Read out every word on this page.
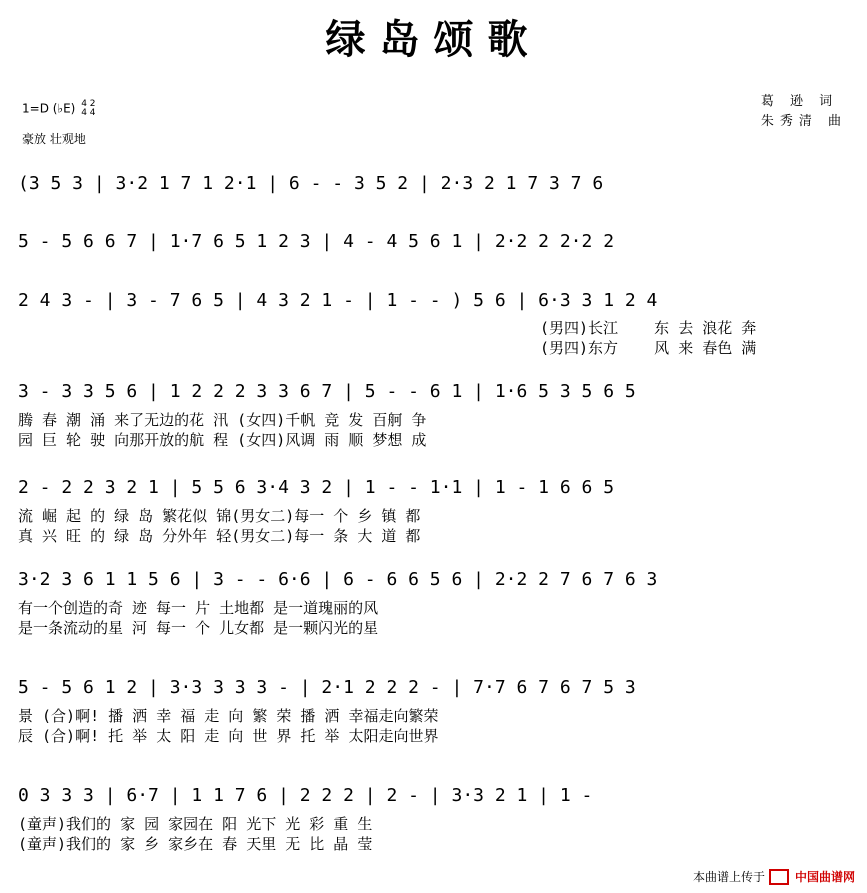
绿岛颂歌
1=D (♭E) 4 2
4 4
豪放 壮观地
葛 逊 词
朱秀清 曲
(3 5 3 | 3·2 1 7 1 2·1 | 6 - - 3 5 2 | 2·3 2 1 7 3 7 6
5 - 5 6 6 7 | 1·7 6 5 1 2 3 | 4 - 4 5 6 1 | 2·2 2 2·2 2
2 4 3 - | 3 - 7 6 5 | 4 3 2 1 - | 1 - - ) 5 6 | 6·3 3 1 2 4
(男四)长江    东 去 浪花 奔
(男四)东方    风 来 春色 满
3 - 3 3 5 6 | 1 2 2 2 3 3 6 7 | 5 - - 6 1 | 1·6 5 3 5 6 5
腾 春 潮 涌 来了无边的花 汛 (女四)千帆 竞 发 百舸 争
园 巨 轮 驶 向那开放的航 程 (女四)风调 雨 顺 梦想 成
2 - 2 2 3 2 1 | 5 5 6 3·4 3 2 | 1 - - 1·1 | 1 - 1 6 6 5
流 崛 起 的 绿 岛 繁花似 锦(男女二)每一 个 乡 镇 都
真 兴 旺 的 绿 岛 分外年 轻(男女二)每一 条 大 道 都
3·2 3 6 1 1 5 6 | 3 - - 6·6 | 6 - 6 6 5 6 | 2·2 2 7 6 7 6 3
有一个创造的奇 迹 每一 片 土地都 是一道瑰丽的风
是一条流动的星 河 每一 个 儿女都 是一颗闪光的星
5 - 5 6 1 2 | 3·3 3 3 3 - | 2·1 2 2 2 - | 7·7 6 7 6 7 5 3
景 (合)啊! 播 洒 幸 福 走 向 繁 荣 播 洒 幸福走向繁荣
辰 (合)啊! 托 举 太 阳 走 向 世 界 托 举 太阳走向世界
0 3 3 3 | 6·7 | 1 1 7 6 | 2 2 2 | 2 - | 3·3 2 1 | 1 -
(童声)我们的 家 园 家园在 阳 光下 光 彩 重 生
(童声)我们的 家 乡 家乡在 春 天里 无 比 晶 莹
本曲谱上传于	中国曲谱网
